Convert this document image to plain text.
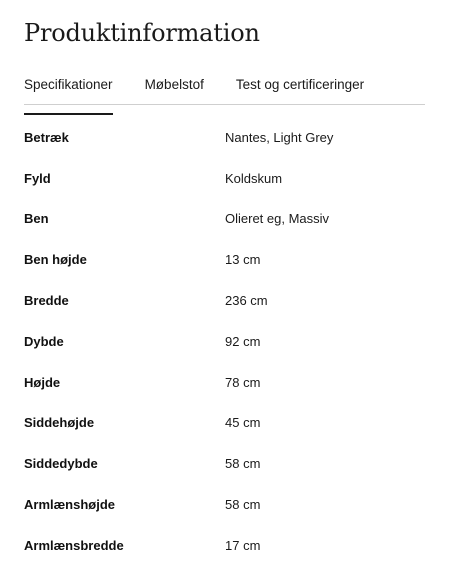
Produktinformation
Specifikationer Møbelstof Test og certificeringer
Betræk	Nantes, Light Grey
Fyld	Koldskum
Ben	Olieret eg, Massiv
Ben højde	13 cm
Bredde	236 cm
Dybde	92 cm
Højde	78 cm
Siddehøjde	45 cm
Siddedybde	58 cm
Armlænshøjde	58 cm
Armlænsbredde	17 cm
